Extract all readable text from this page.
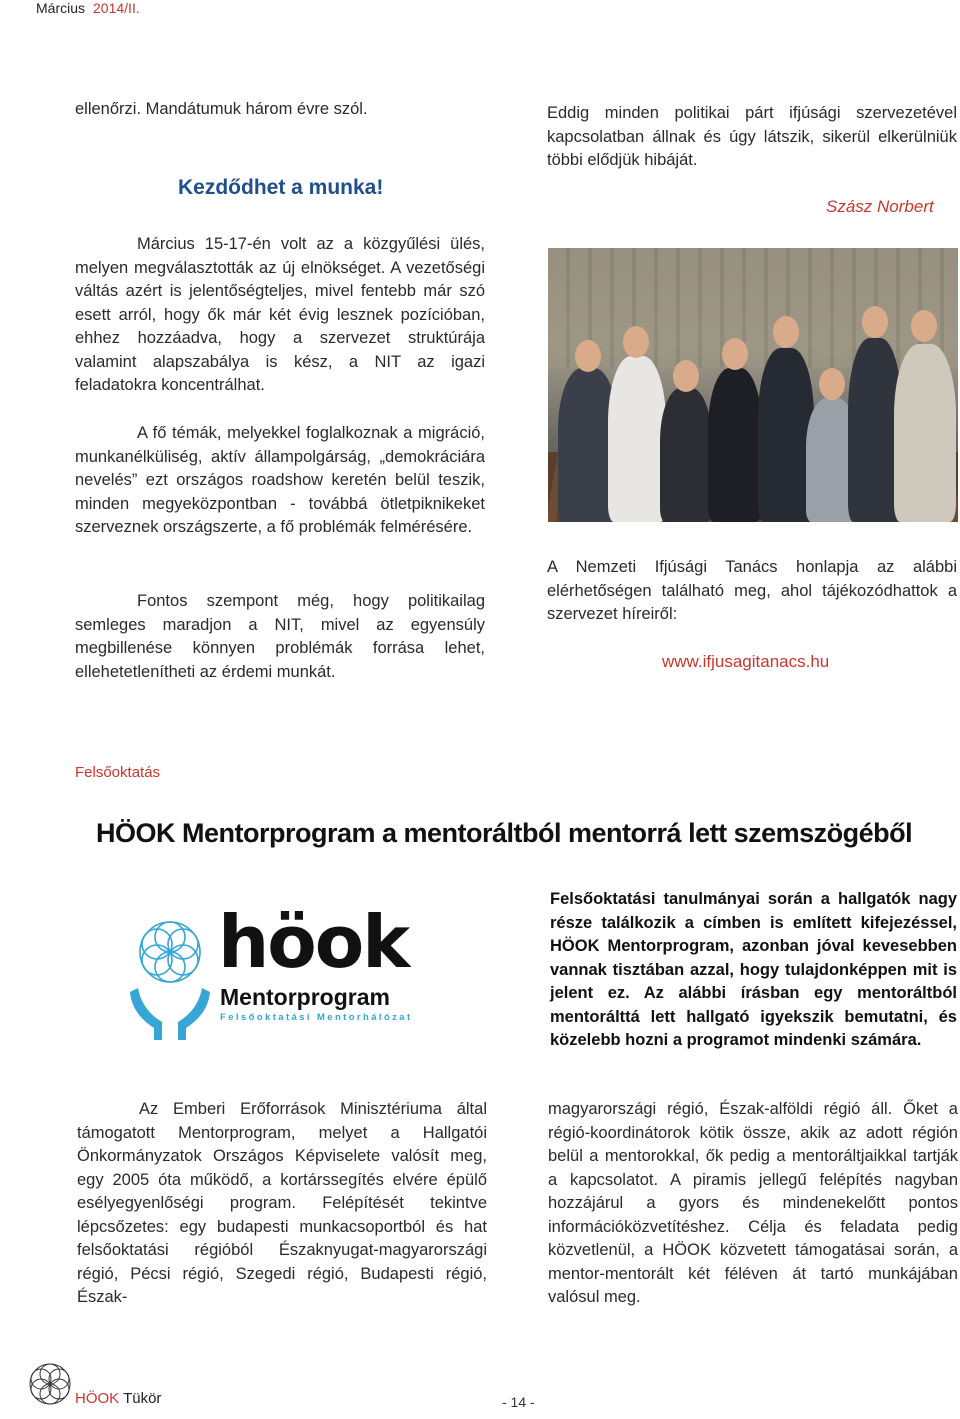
Március 2014/II.
ellenőrzi. Mandátumuk három évre szól.
Kezdődhet a munka!
Március 15-17-én volt az a közgyűlési ülés, melyen megválasztották az új elnökséget. A vezetőségi váltás azért is jelentőségteljes, mivel fentebb már szó esett arról, hogy ők már két évig lesznek pozícióban, ehhez hozzáadva, hogy a szervezet struktúrája valamint alapszabálya is kész, a NIT az igazi feladatokra koncentrálhat.
A fő témák, melyekkel foglalkoznak a migráció, munkanélküliség, aktív állampolgárság, „demokráciára nevelés” ezt országos roadshow keretén belül teszik, minden megyeközpontban - továbbá ötletpiknikeket szerveznek országszerte, a fő problémák felmérésére.
Fontos szempont még, hogy politikailag semleges maradjon a NIT, mivel az egyensúly megbillenése könnyen problémák forrása lehet, ellehetetlenítheti az érdemi munkát.
Eddig minden politikai párt ifjúsági szervezetével kapcsolatban állnak és úgy látszik, sikerül elkerülniük többi elődjük hibáját.
Szász Norbert
A Nemzeti Ifjúsági Tanács honlapja az alábbi elérhetőségen található meg, ahol tájékozódhattok a szervezet híreiről:
www.ifjusagitanacs.hu
Felsőoktatás
HÖOK Mentorprogram a mentoráltból mentorrá lett szemszögéből
höok
Mentorprogram
Felsőoktatási Mentorhálózat
Felsőoktatási tanulmányai során a hallgatók nagy része találkozik a címben is említett kifejezéssel, HÖOK Mentorprogram, azonban jóval kevesebben vannak tisztában azzal, hogy tulajdonképpen mit is jelent ez. Az alábbi írásban egy mentoráltból mentorálttá lett hallgató igyekszik bemutatni, és közelebb hozni a programot mindenki számára.
Az Emberi Erőforrások Minisztériuma által támogatott Mentorprogram, melyet a Hallgatói Önkormányzatok Országos Képviselete valósít meg, egy 2005 óta működő, a kortárssegítés elvére épülő esélyegyenlőségi program. Felépítését tekintve lépcsőzetes: egy budapesti munkacsoportból és hat felsőoktatási régióból Északnyugat-magyarországi régió, Pécsi régió, Szegedi régió, Budapesti régió, Észak-
magyarországi régió, Észak-alföldi régió áll. Őket a régió-koordinátorok kötik össze, akik az adott régión belül a mentorokkal, ők pedig a mentoráltjaikkal tartják a kapcsolatot. A piramis jellegű felépítés nagyban hozzájárul a gyors és mindenekelőtt pontos információközvetítéshez. Célja és feladata pedig közvetlenül, a HÖOK közvetett támogatásai során, a mentor-mentorált két féléven át tartó munkájában valósul meg.
HÖOK Tükör	- 14 -
